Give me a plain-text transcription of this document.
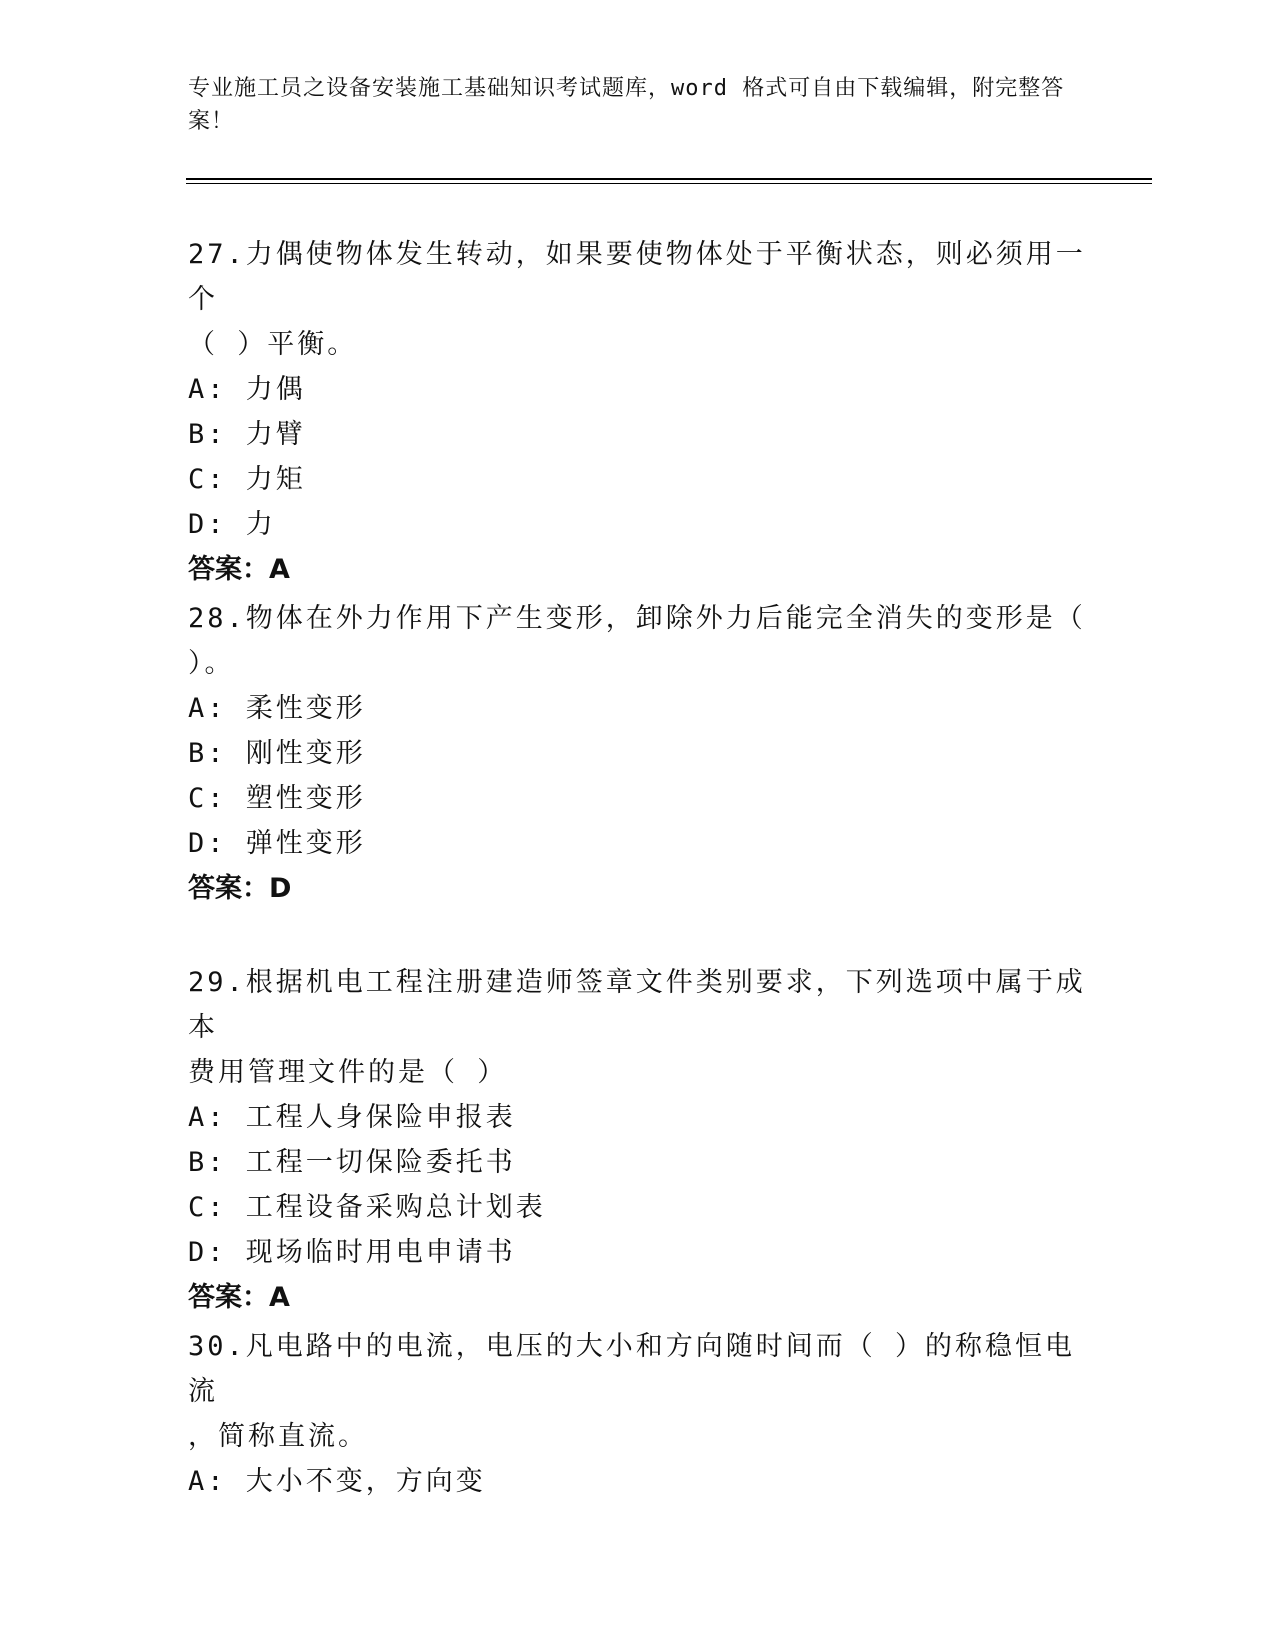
专业施工员之设备安装施工基础知识考试题库，word 格式可自由下载编辑，附完整答案！

27.力偶使物体发生转动，如果要使物体处于平衡状态，则必须用一个

（ ）平衡。

A: 力偶

B: 力臂

C: 力矩

D: 力

答案：A

28.物体在外力作用下产生变形，卸除外力后能完全消失的变形是（

）。

A: 柔性变形

B: 刚性变形

C: 塑性变形

D: 弹性变形

答案：D

29.根据机电工程注册建造师签章文件类别要求，下列选项中属于成本

费用管理文件的是（ ）

A: 工程人身保险申报表

B: 工程一切保险委托书

C: 工程设备采购总计划表

D: 现场临时用电申请书

答案：A

30.凡电路中的电流，电压的大小和方向随时间而（ ）的称稳恒电流

，简称直流。

A: 大小不变，方向变
